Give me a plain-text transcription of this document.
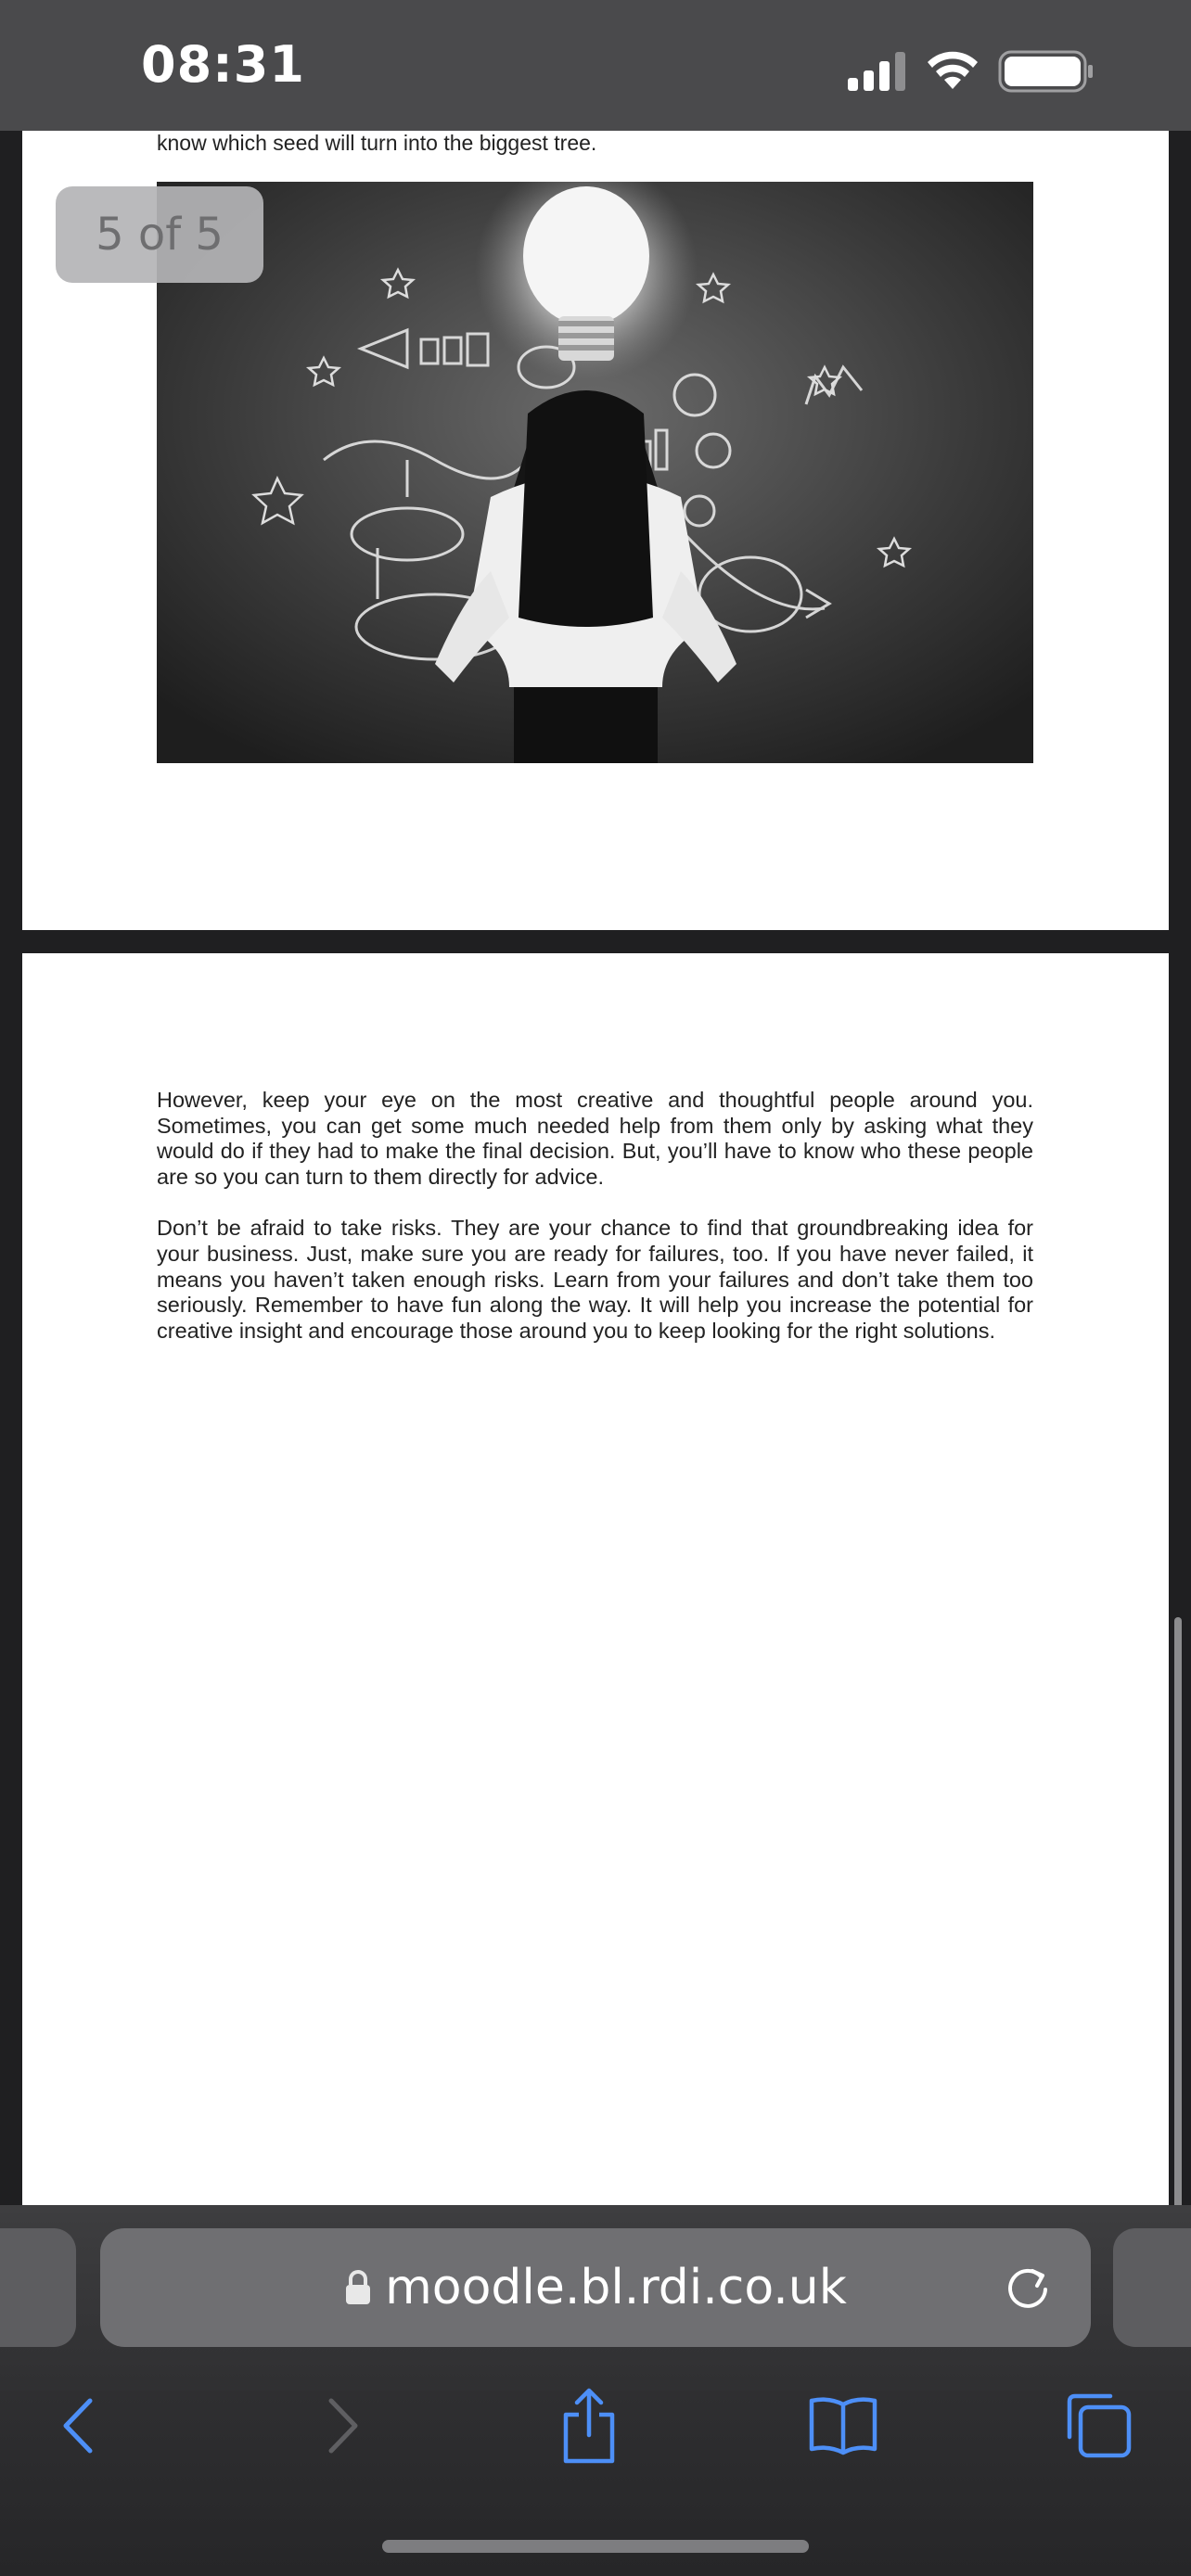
08:31
know which seed will turn into the biggest tree.

However, keep your eye on the most creative and thoughtful people around you. Sometimes, you can get some much needed help from them only by asking what they would do if they had to make the final decision. But, you’ll have to know who these people are so you can turn to them directly for advice.

Don’t be afraid to take risks. They are your chance to find that groundbreaking idea for your business. Just, make sure you are ready for failures, too. If you have never failed, it means you haven’t taken enough risks. Learn from your failures and don’t take them too seriously. Remember to have fun along the way. It will help you increase the potential for creative insight and encourage those around you to keep looking for the right solutions.

5 of 5
moodle.bl.rdi.co.uk
